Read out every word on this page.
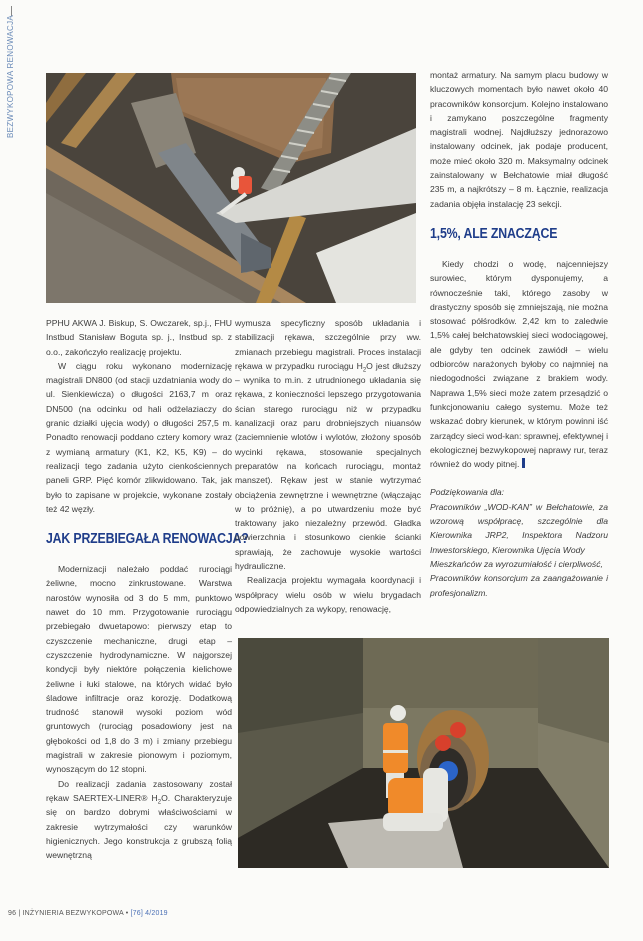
BEZWYKOPOWA RENOWACJA

PPHU AKWA J. Biskup, S. Owczarek, sp.j., FHU Instbud Stanisław Boguta sp. j., Instbud sp. z o.o., zakończyło realizację projektu.

W ciągu roku wykonano modernizację magistrali DN800 (od stacji uzdatniania wody do ul. Sienkiewicza) o długości 2163,7 m oraz DN500 (na odcinku od hali odżelaziaczy do granic działki ujęcia wody) o długości 257,5 m. Ponadto renowacji poddano cztery komory wraz z wymianą armatury (K1, K2, K5, K9) – do realizacji tego zadania użyto cienkościennych paneli GRP. Pięć komór zlikwidowano. Tak, jak było to zapisane w projekcie, wykonane zostały też 42 węzły.

JAK PRZEBIEGAŁA RENOWACJA?

Modernizacji należało poddać rurociągi żeliwne, mocno zinkrustowane. Warstwa narostów wynosiła od 3 do 5 mm, punktowo nawet do 10 mm. Przygotowanie rurociągu przebiegało dwuetapowo: pierwszy etap to czyszczenie mechaniczne, drugi etap – czyszczenie hydrodynamiczne. W najgorszej kondycji były niektóre połączenia kielichowe żeliwne i łuki stalowe, na których widać było śladowe infiltracje oraz korozję. Dodatkową trudność stanowił wysoki poziom wód gruntowych (rurociąg posadowiony jest na głębokości od 1,8 do 3 m) i zmiany przebiegu magistrali w zakresie pionowym i poziomym, wynoszącym do 12 stopni.

Do realizacji zadania zastosowany został rękaw SAERTEX-LINER® $H_2O$. Charakteryzuje się on bardzo dobrymi właściwościami w zakresie wytrzymałości czy warunków higienicznych. Jego konstrukcja z grubszą folią wewnętrzną

wymusza specyficzny sposób układania i stabilizacji rękawa, szczególnie przy ww. zmianach przebiegu magistrali. Proces instalacji rękawa w przypadku rurociągu $H_2O$ jest dłuższy – wynika to m.in. z utrudnionego układania się rękawa, z konieczności lepszego przygotowania ścian starego rurociągu niż w przypadku kanalizacji oraz paru drobniejszych niuansów (zaciemnienie wlotów i wylotów, złożony sposób wycinki rękawa, stosowanie specjalnych preparatów na końcach rurociągu, montaż manszet). Rękaw jest w stanie wytrzymać obciążenia zewnętrzne i wewnętrzne (włączając w to próżnię), a po utwardzeniu może być traktowany jako niezależny przewód. Gładka powierzchnia i stosunkowo cienkie ścianki sprawiają, że zachowuje wysokie wartości hydrauliczne.

Realizacja projektu wymagała koordynacji i współpracy wielu osób w wielu brygadach odpowiedzialnych za wykopy, renowację,

montaż armatury. Na samym placu budowy w kluczowych momentach było nawet około 40 pracowników konsorcjum. Kolejno instalowano i zamykano poszczególne fragmenty magistrali wodnej. Najdłuższy jednorazowo instalowany odcinek, jak podaje producent, może mieć około 320 m. Maksymalny odcinek zainstalowany w Bełchatowie miał długość 235 m, a najkrótszy – 8 m. Łącznie, realizacja zadania objęła instalację 23 sekcji.

1,5%, ALE ZNACZĄCE

Kiedy chodzi o wodę, najcenniejszy surowiec, którym dysponujemy, a równocześnie taki, którego zasoby w drastyczny sposób się zmniejszają, nie można stosować półśrodków. 2,42 km to zaledwie 1,5% całej bełchatowskiej sieci wodociągowej, ale gdyby ten odcinek zawiódł – wielu odbiorców narażonych byłoby co najmniej na niedogodności związane z brakiem wody. Naprawa 1,5% sieci może zatem przesądzić o funkcjonowaniu całego systemu. Może też wskazać dobry kierunek, w którym powinni iść zarządcy sieci wod-kan: sprawnej, efektywnej i ekologicznej bezwykopowej naprawy rur, teraz również do wody pitnej.

Podziękowania dla:

Pracowników „WOD-KAN” w Bełchatowie, za wzorową współpracę, szczególnie dla Kierownika JRP2, Inspektora Nadzoru Inwestorskiego, Kierownika Ujęcia Wody

Mieszkańców za wyrozumiałość i cierpliwość,

Pracowników konsorcjum za zaangażowanie i profesjonalizm.

96 | INŻYNIERIA BEZWYKOPOWA • [76] 4/2019
